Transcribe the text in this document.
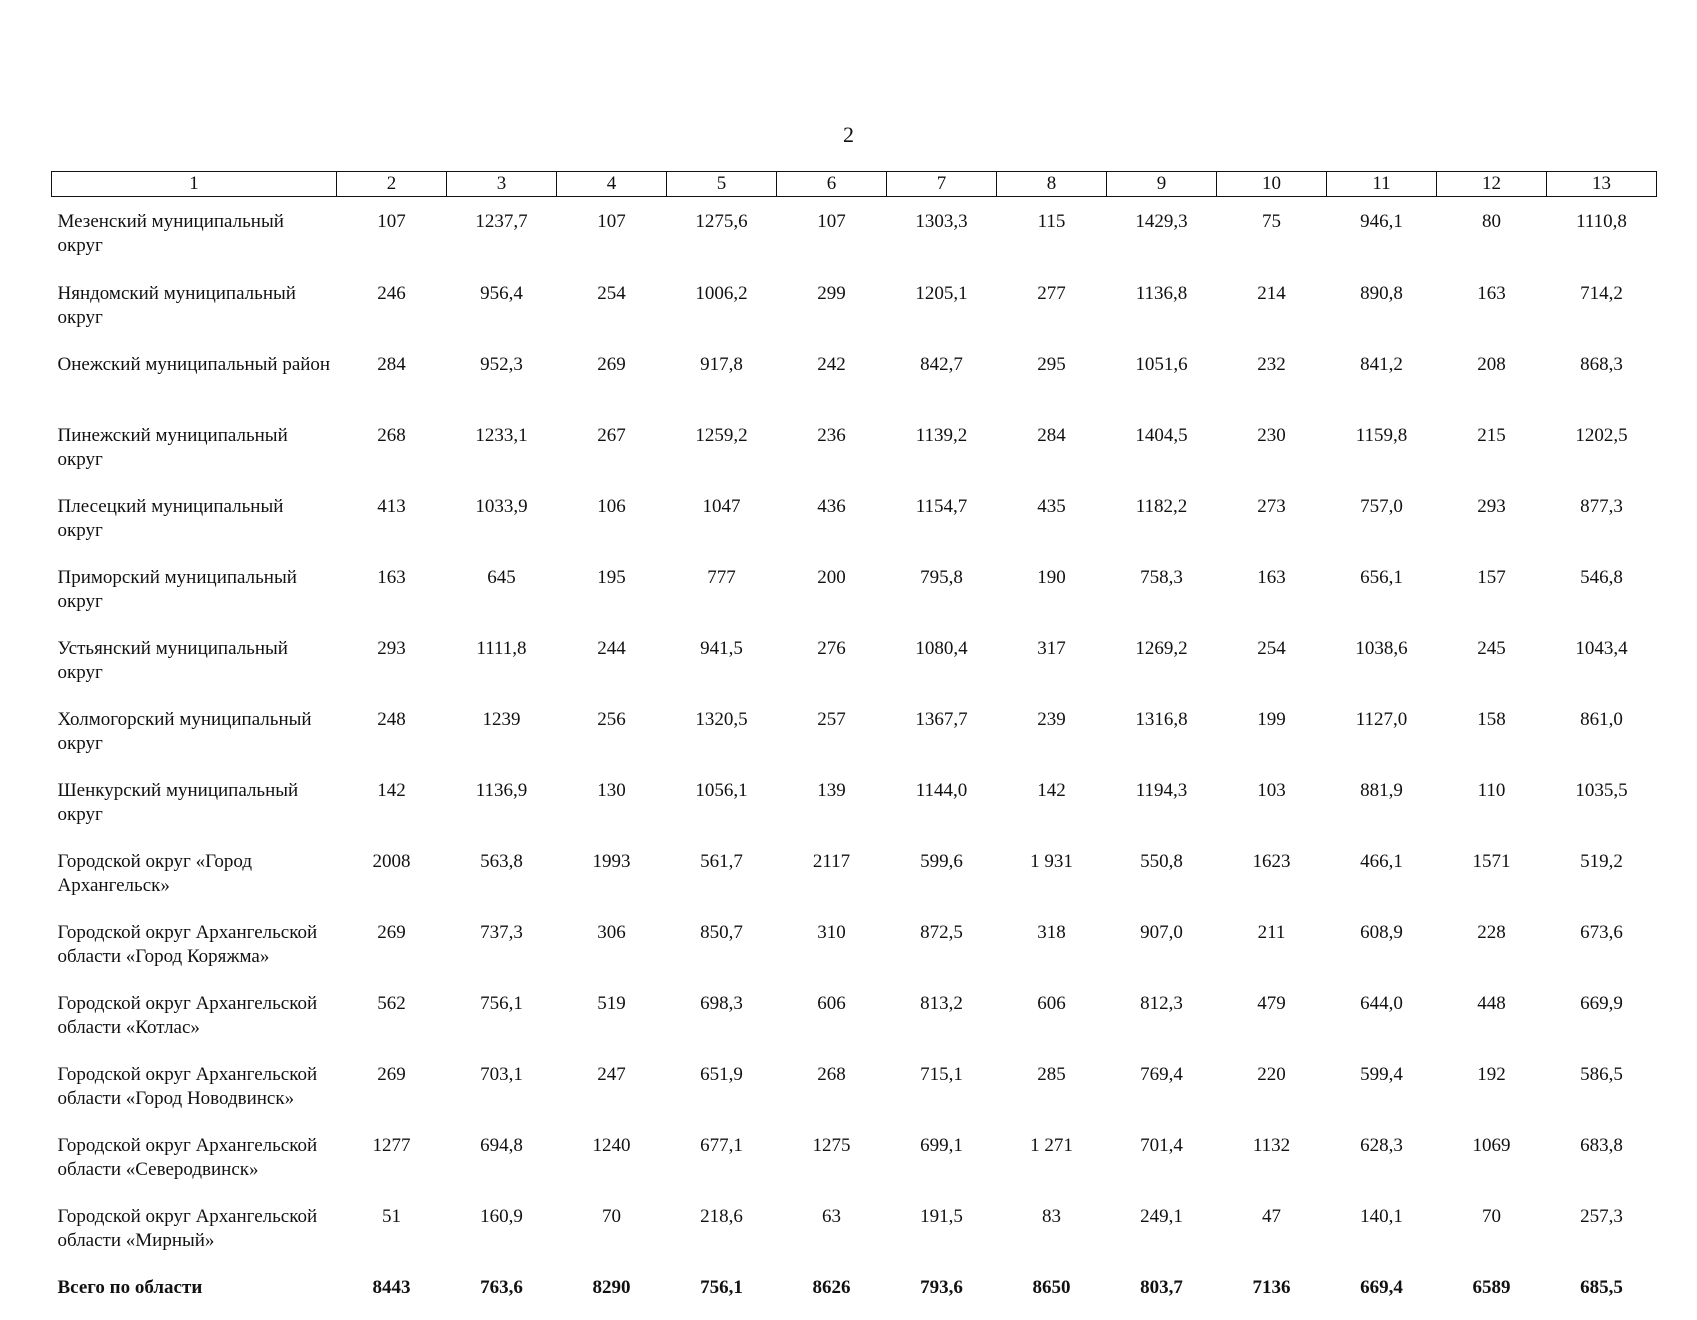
2
1	2	3	4	5	6	7	8	9	10	11	12	13
Мезенский муниципальный округ	107	1237,7	107	1275,6	107	1303,3	115	1429,3	75	946,1	80	1110,8
Няндомский муниципальный округ	246	956,4	254	1006,2	299	1205,1	277	1136,8	214	890,8	163	714,2
Онежский муниципальный район	284	952,3	269	917,8	242	842,7	295	1051,6	232	841,2	208	868,3
Пинежский муниципальный округ	268	1233,1	267	1259,2	236	1139,2	284	1404,5	230	1159,8	215	1202,5
Плесецкий муниципальный округ	413	1033,9	106	1047	436	1154,7	435	1182,2	273	757,0	293	877,3
Приморский муниципальный округ	163	645	195	777	200	795,8	190	758,3	163	656,1	157	546,8
Устьянский муниципальный округ	293	1111,8	244	941,5	276	1080,4	317	1269,2	254	1038,6	245	1043,4
Холмогорский муниципальный округ	248	1239	256	1320,5	257	1367,7	239	1316,8	199	1127,0	158	861,0
Шенкурский муниципальный округ	142	1136,9	130	1056,1	139	1144,0	142	1194,3	103	881,9	110	1035,5
Городской округ «Город Архангельск»	2008	563,8	1993	561,7	2117	599,6	1 931	550,8	1623	466,1	1571	519,2
Городской округ Архангельской области «Город Коряжма»	269	737,3	306	850,7	310	872,5	318	907,0	211	608,9	228	673,6
Городской округ Архангельской области «Котлас»	562	756,1	519	698,3	606	813,2	606	812,3	479	644,0	448	669,9
Городской округ Архангельской области «Город Новодвинск»	269	703,1	247	651,9	268	715,1	285	769,4	220	599,4	192	586,5
Городской округ Архангельской области «Северодвинск»	1277	694,8	1240	677,1	1275	699,1	1 271	701,4	1132	628,3	1069	683,8
Городской округ Архангельской области «Мирный»	51	160,9	70	218,6	63	191,5	83	249,1	47	140,1	70	257,3
Всего по области	8443	763,6	8290	756,1	8626	793,6	8650	803,7	7136	669,4	6589	685,5
